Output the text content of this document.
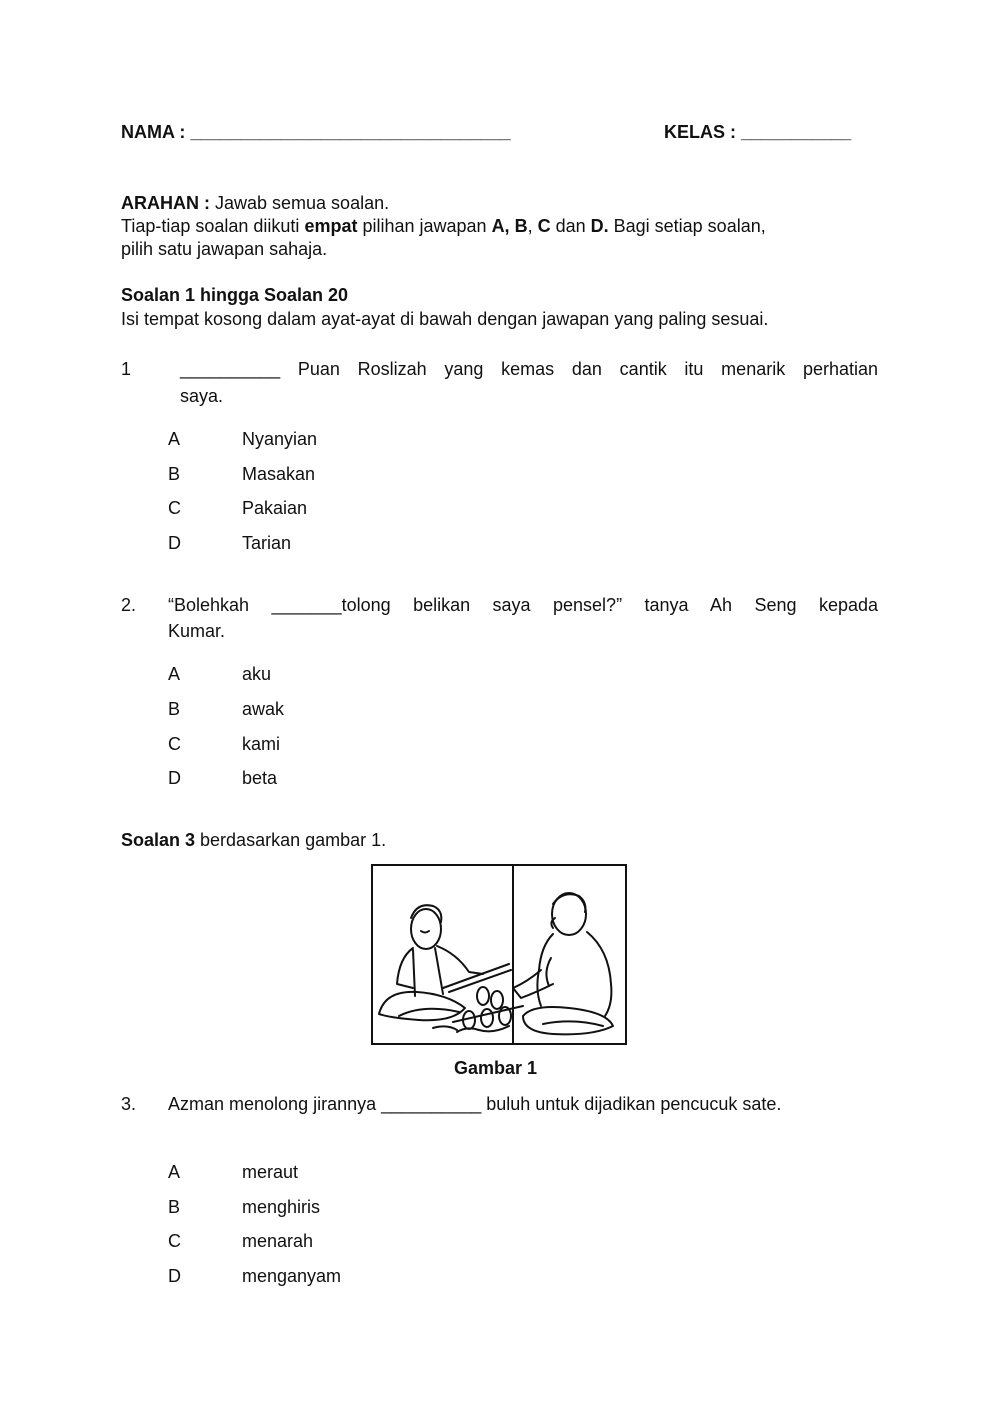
NAMA : ________________________________	KELAS : ___________
ARAHAN : Jawab semua soalan.
Tiap-tiap soalan diikuti empat pilihan jawapan A, B, C dan D. Bagi setiap soalan,
pilih satu jawapan sahaja.
Soalan 1 hingga Soalan 20
Isi tempat kosong dalam ayat-ayat di bawah dengan jawapan yang paling sesuai.
1	__________ Puan Roslizah yang kemas dan cantik itu menarik perhatian
saya.
A	Nyanyian
B	Masakan
C	Pakaian
D	Tarian
2. “Bolehkah _______tolong belikan saya pensel?” tanya Ah Seng kepada
Kumar.
A	aku
B	awak
C	kami
D	beta
Soalan 3 berdasarkan gambar 1.
Gambar 1
3. Azman menolong jirannya __________ buluh untuk dijadikan pencucuk sate.
A	meraut
B	menghiris
C	menarah
D	menganyam
